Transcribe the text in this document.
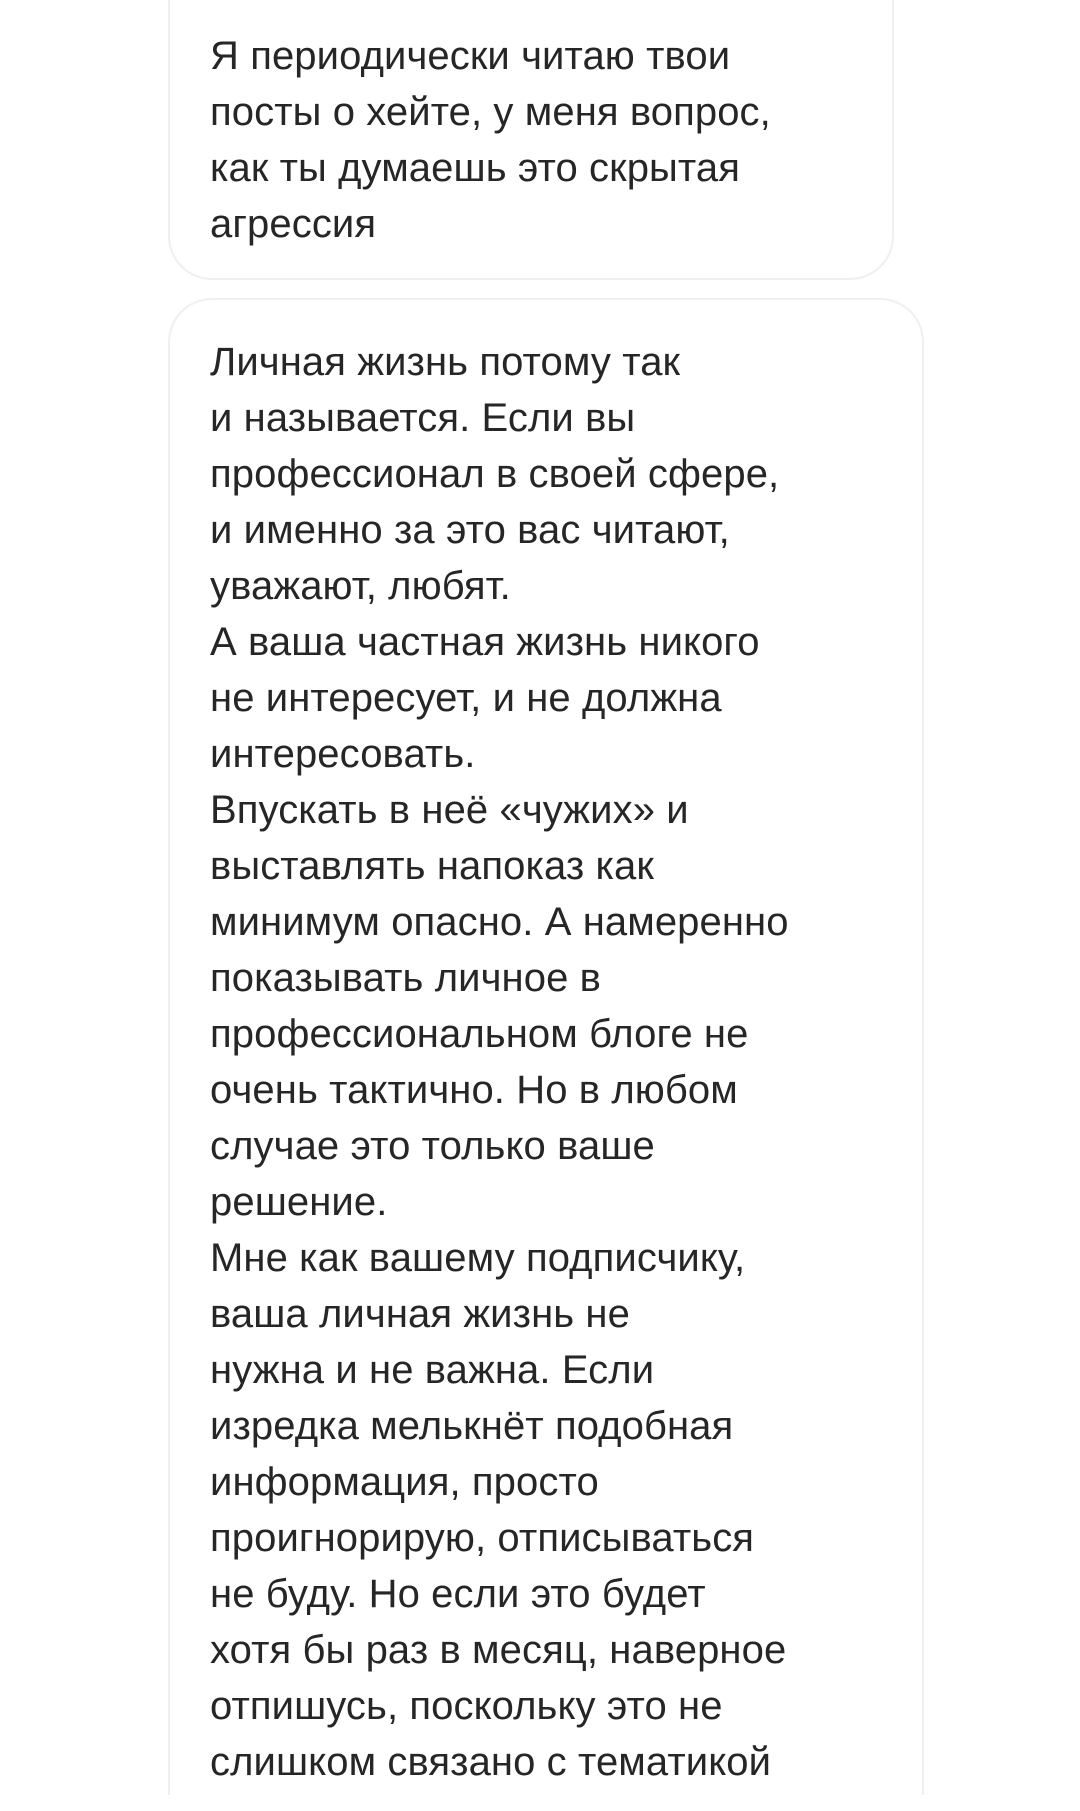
Я периодически читаю твои
посты о хейте, у меня вопрос,
как ты думаешь это скрытая
агрессия
Личная жизнь потому так
и называется. Если вы
профессионал в своей сфере,
и именно за это вас читают,
уважают, любят.
А ваша частная жизнь никого
не интересует, и не должна
интересовать.
Впускать в неё «чужих» и
выставлять напоказ как
минимум опасно. А намеренно
показывать личное в
профессиональном блоге не
очень тактично. Но в любом
случае это только ваше
решение.
Мне как вашему подписчику,
ваша личная жизнь не
нужна и не важна. Если
изредка мелькнёт подобная
информация, просто
проигнорирую, отписываться
не буду. Но если это будет
хотя бы раз в месяц, наверное
отпишусь, поскольку это не
слишком связано с тематикой
